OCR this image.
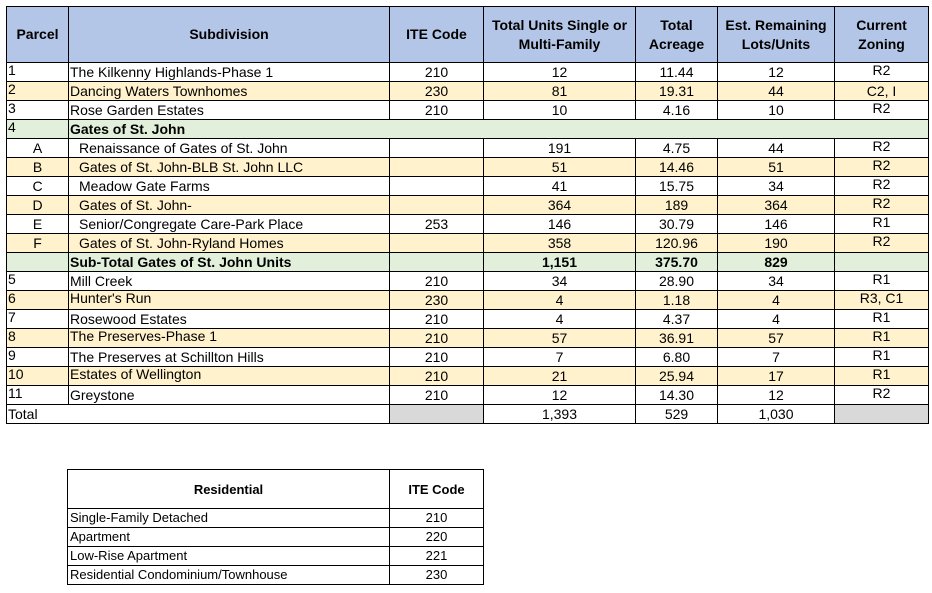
Parcel	Subdivision	ITE Code	Total Units Single or Multi-Family	Total Acreage	Est. Remaining Lots/Units	Current Zoning
1	The Kilkenny Highlands-Phase 1	210	12	11.44	12	R2
2	Dancing Waters Townhomes	230	81	19.31	44	C2, I
3	Rose Garden Estates	210	10	4.16	10	R2
4	Gates of St. John					
A	Renaissance of Gates of St. John		191	4.75	44	R2
B	Gates of St. John-BLB St. John LLC		51	14.46	51	R2
C	Meadow Gate Farms		41	15.75	34	R2
D	Gates of St. John-		364	189	364	R2
E	Senior/Congregate Care-Park Place	253	146	30.79	146	R1
F	Gates of St. John-Ryland Homes		358	120.96	190	R2
	Sub-Total Gates of St. John Units		1,151	375.70	829	
5	Mill Creek	210	34	28.90	34	R1
6	Hunter's Run	230	4	1.18	4	R3, C1
7	Rosewood Estates	210	4	4.37	4	R1
8	The Preserves-Phase 1	210	57	36.91	57	R1
9	The Preserves at Schillton Hills	210	7	6.80	7	R1
10	Estates of Wellington	210	21	25.94	17	R1
11	Greystone	210	12	14.30	12	R2
Total			1,393	529	1,030	
Residential	ITE Code
Single-Family Detached	210
Apartment	220
Low-Rise Apartment	221
Residential Condominium/Townhouse	230
